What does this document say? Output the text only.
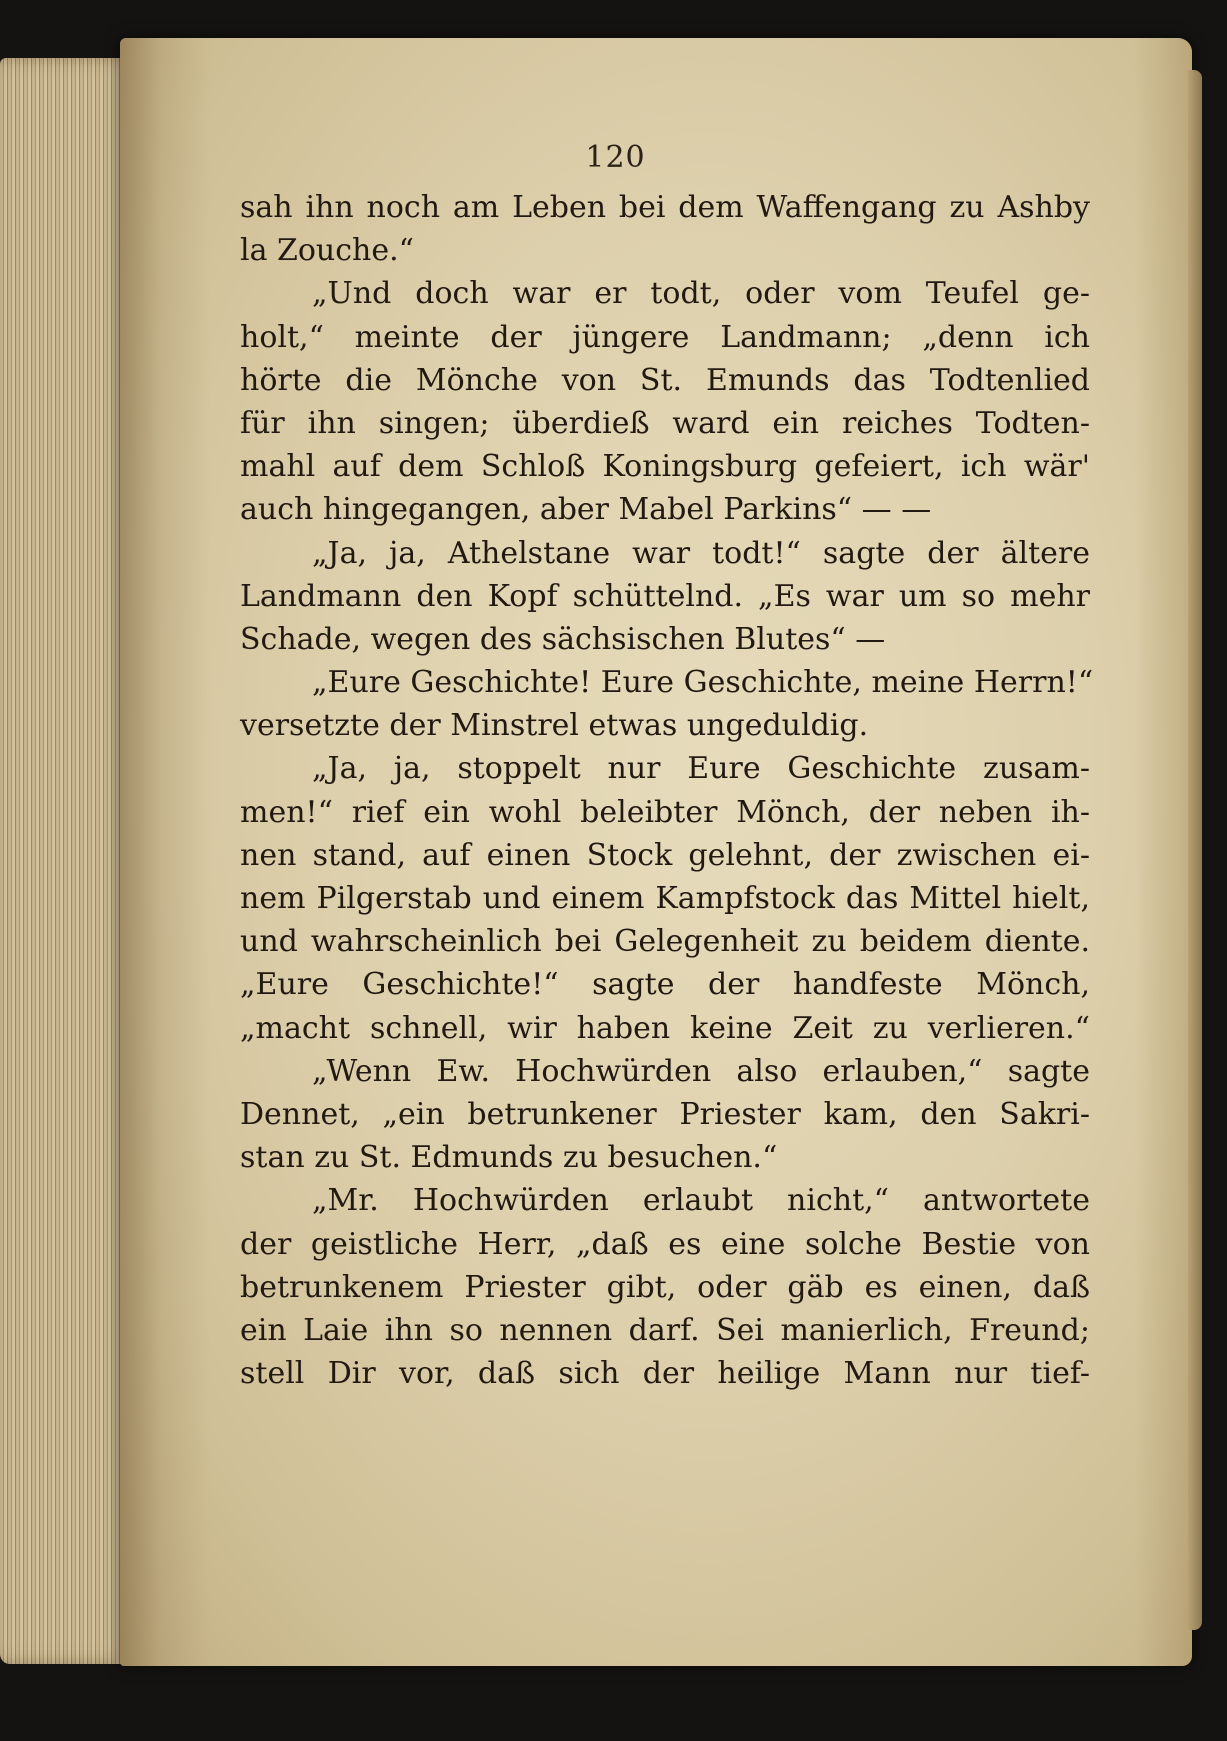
120
sah ihn noch am Leben bei dem Waffengang zu Ashby
la Zouche.“
„Und doch war er todt, oder vom Teufel ge-
holt,“ meinte der jüngere Landmann; „denn ich
hörte die Mönche von St. Emunds das Todtenlied
für ihn singen; überdieß ward ein reiches Todten-
mahl auf dem Schloß Koningsburg gefeiert, ich wär'
auch hingegangen, aber Mabel Parkins“ — —
„Ja, ja, Athelstane war todt!“ sagte der ältere
Landmann den Kopf schüttelnd. „Es war um so mehr
Schade, wegen des sächsischen Blutes“ —
„Eure Geschichte! Eure Geschichte, meine Herrn!“
versetzte der Minstrel etwas ungeduldig.
„Ja, ja, stoppelt nur Eure Geschichte zusam-
men!“ rief ein wohl beleibter Mönch, der neben ih-
nen stand, auf einen Stock gelehnt, der zwischen ei-
nem Pilgerstab und einem Kampfstock das Mittel hielt,
und wahrscheinlich bei Gelegenheit zu beidem diente.
„Eure Geschichte!“ sagte der handfeste Mönch,
„macht schnell, wir haben keine Zeit zu verlieren.“
„Wenn Ew. Hochwürden also erlauben,“ sagte
Dennet, „ein betrunkener Priester kam, den Sakri-
stan zu St. Edmunds zu besuchen.“
„Mr. Hochwürden erlaubt nicht,“ antwortete
der geistliche Herr, „daß es eine solche Bestie von
betrunkenem Priester gibt, oder gäb es einen, daß
ein Laie ihn so nennen darf. Sei manierlich, Freund;
stell Dir vor, daß sich der heilige Mann nur tief-
